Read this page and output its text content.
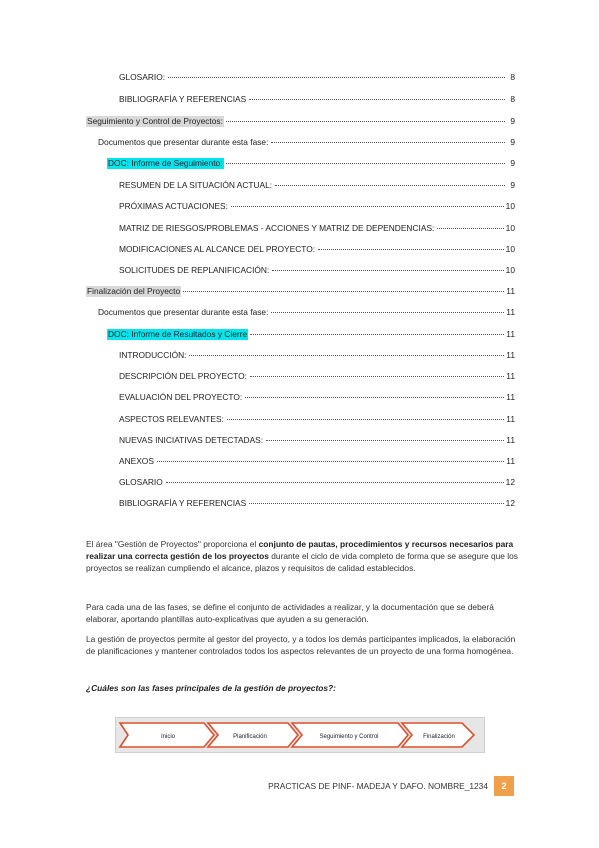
GLOSARIO:	8
BIBLIOGRAFÍA Y REFERENCIAS	8
Seguimiento y Control de Proyectos:	9
Documentos que presentar durante esta fase:	9
DOC: Informe de Seguimiento:	9
RESUMEN DE LA SITUACIÓN ACTUAL:	9
PRÓXIMAS ACTUACIONES:	10
MATRIZ DE RIESGOS/PROBLEMAS - ACCIONES Y MATRIZ DE DEPENDENCIAS:	10
MODIFICACIONES AL ALCANCE DEL PROYECTO:	10
SOLICITUDES DE REPLANIFICACIÓN:	10
Finalización del Proyecto	11
Documentos que presentar durante esta fase:	11
DOC: Informe de Resultados y Cierre	11
INTRODUCCIÓN:	11
DESCRIPCIÓN DEL PROYECTO:	11
EVALUACIÓN DEL PROYECTO:	11
ASPECTOS RELEVANTES:	11
NUEVAS INICIATIVAS DETECTADAS:	11
ANEXOS	11
GLOSARIO	12
BIBLIOGRAFÍA Y REFERENCIAS	12
El área "Gestión de Proyectos" proporciona el conjunto de pautas, procedimientos y recursos necesarios para realizar una correcta gestión de los proyectos durante el ciclo de vida completo de forma que se asegure que los proyectos se realizan cumpliendo el alcance, plazos y requisitos de calidad establecidos.
Para cada una de las fases, se define el conjunto de actividades a realizar, y la documentación que se deberá elaborar, aportando plantillas auto-explicativas que ayuden a su generación.
La gestión de proyectos permite al gestor del proyecto, y a todos los demás participantes implicados, la elaboración de planificaciones y mantener controlados todos los aspectos relevantes de un proyecto de una forma homogénea.
¿Cuáles son las fases principales de la gestión de proyectos?:
Inicio	Planificación	Seguimiento y Control	Finalización
PRACTICAS DE PINF- MADEJA Y DAFO. NOMBRE_1234	2
